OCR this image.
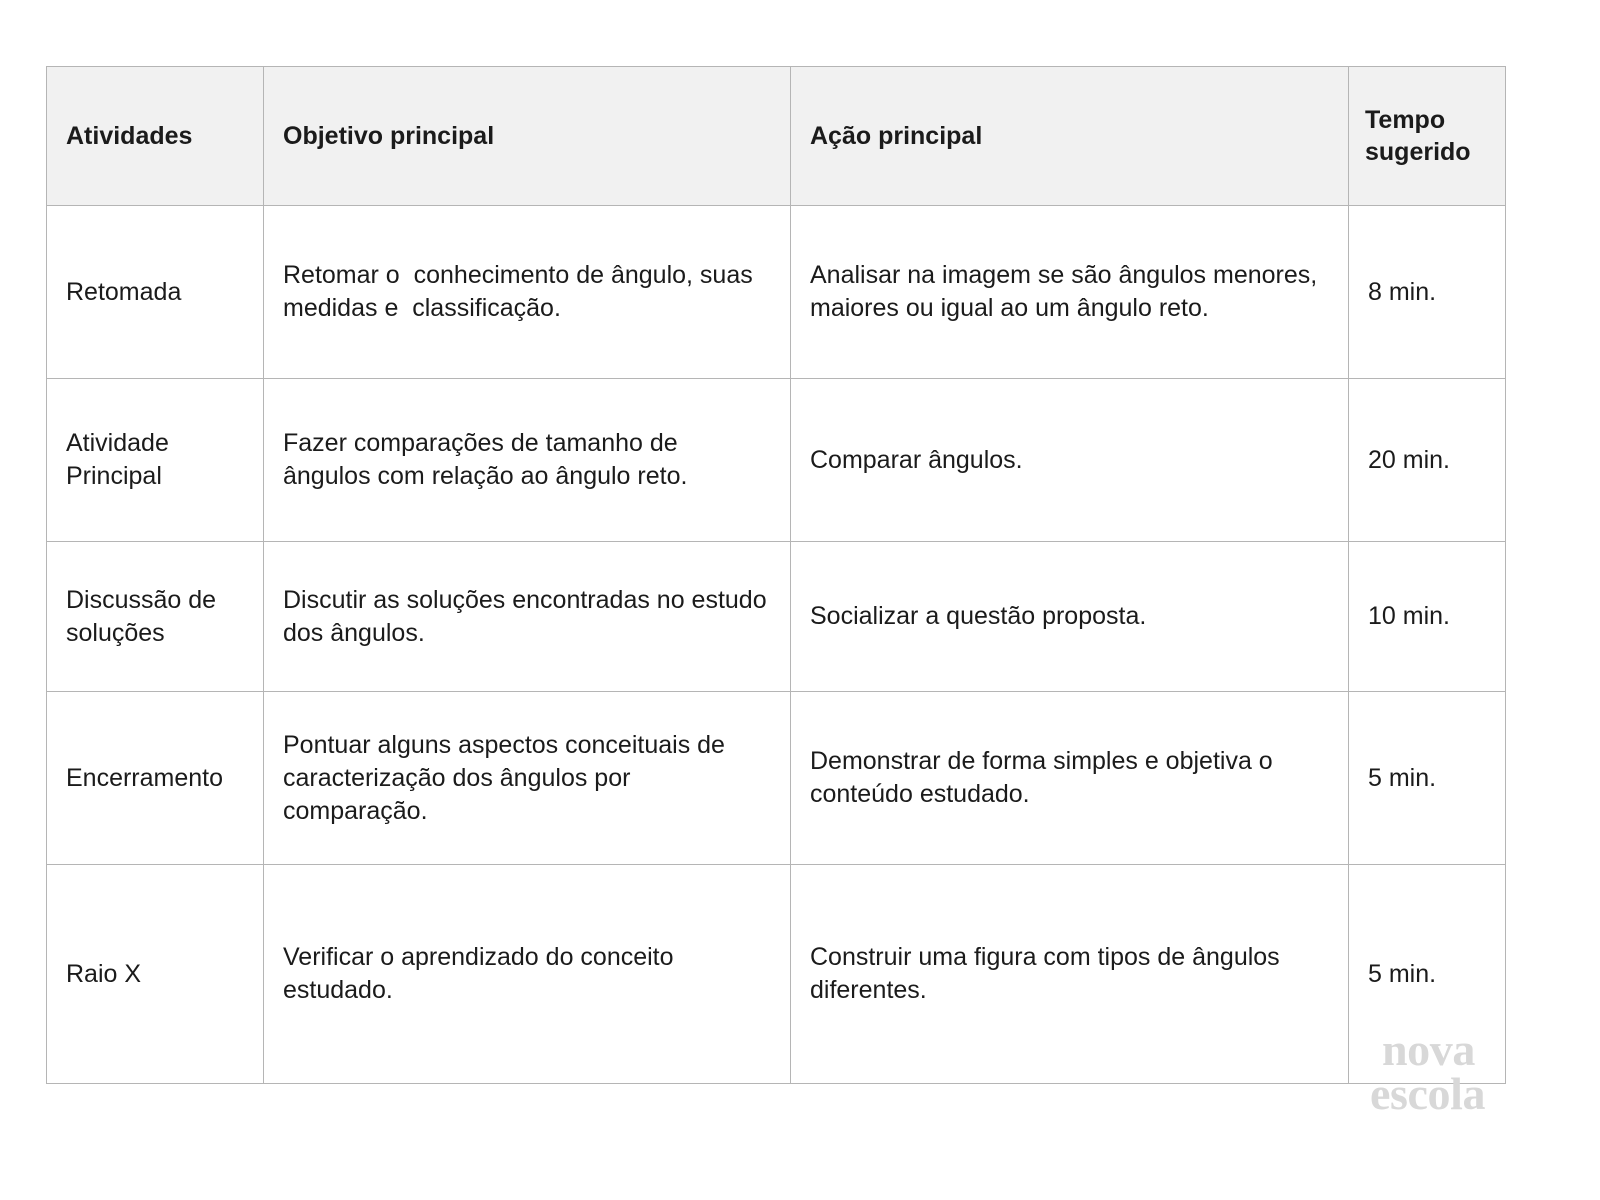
Atividades	Objetivo principal	Ação principal	Tempo sugerido
Retomada	Retomar o  conhecimento de ângulo, suas medidas e  classificação.	Analisar na imagem se são ângulos menores, maiores ou igual ao um ângulo reto.	8 min.
Atividade Principal	Fazer comparações de tamanho de ângulos com relação ao ângulo reto.	Comparar ângulos.	20 min.
Discussão de soluções	Discutir as soluções encontradas no estudo dos ângulos.	Socializar a questão proposta.	10 min.
Encerramento	Pontuar alguns aspectos conceituais de caracterização dos ângulos por comparação.	Demonstrar de forma simples e objetiva o conteúdo estudado.	5 min.
Raio X	Verificar o aprendizado do conceito estudado.	Construir uma figura com tipos de ângulos diferentes.	5 min.
nova
escola
